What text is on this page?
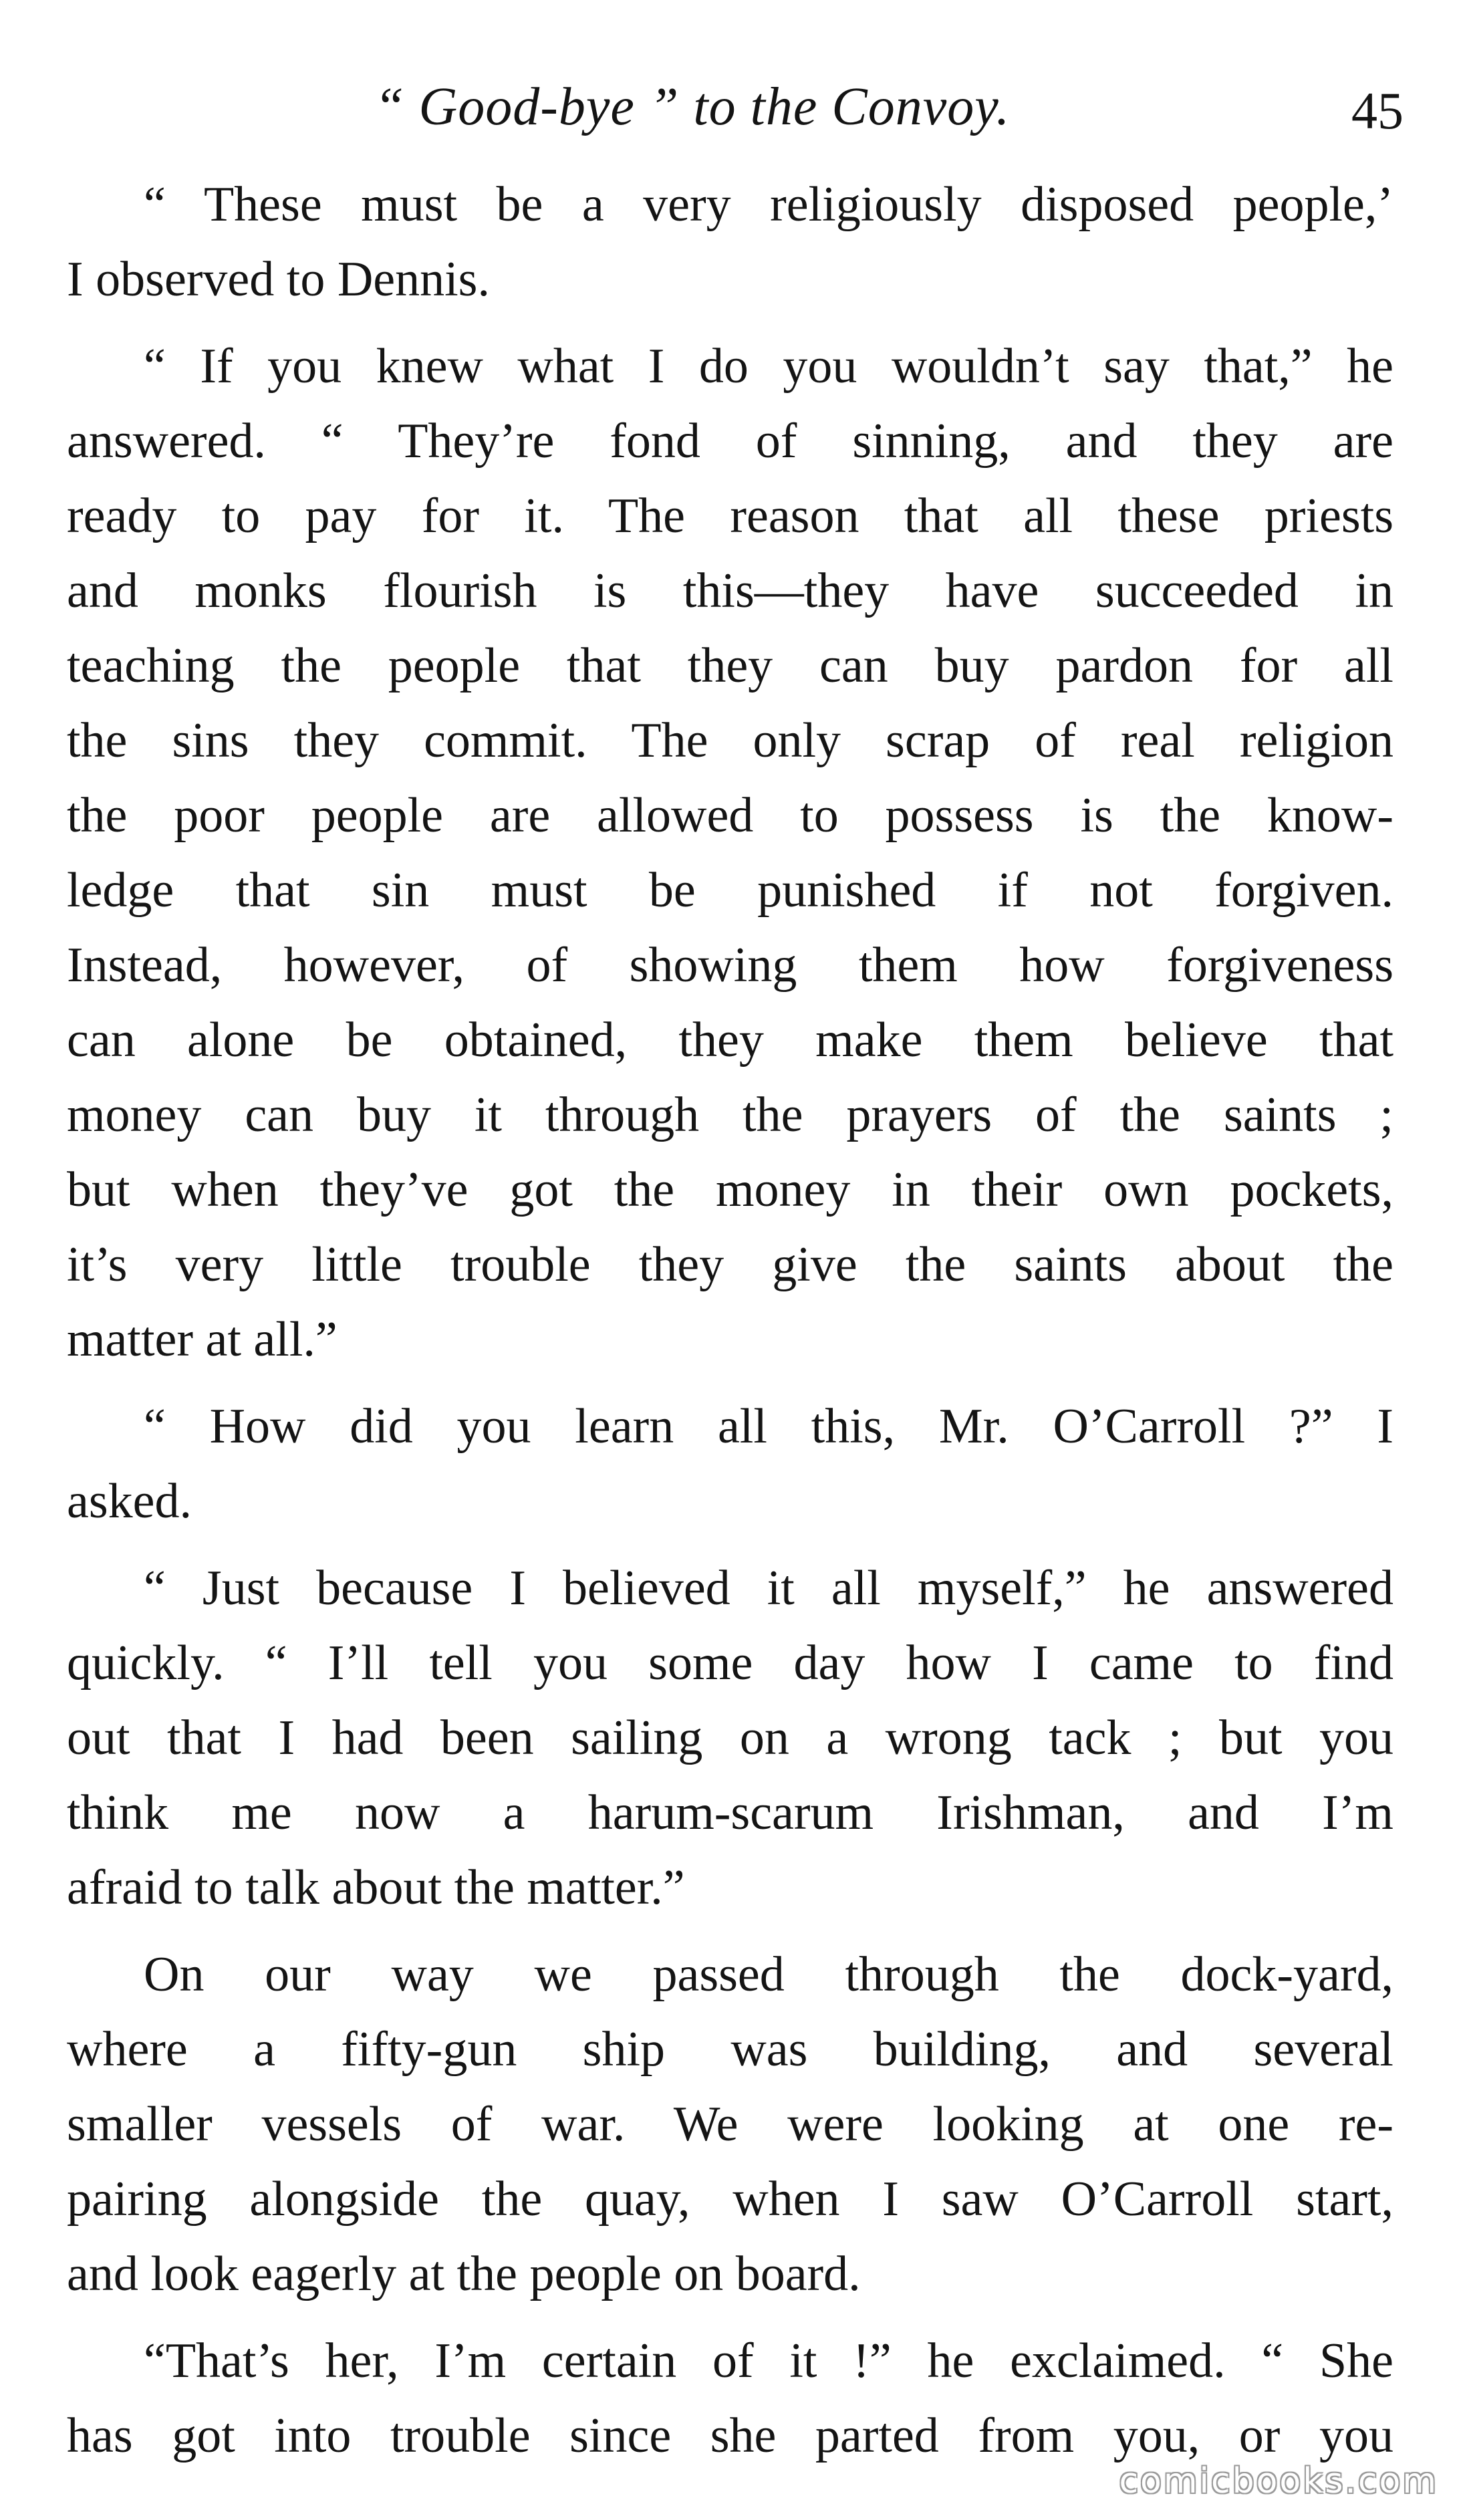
“ Good-bye ” to the Convoy.	45
“ These must be a very religiously disposed people,’
I observed to Dennis.
“ If you knew what I do you wouldn’t say that,” he
answered. “ They’re fond of sinning, and they are
ready to pay for it. The reason that all these priests
and monks flourish is this—they have succeeded in
teaching the people that they can buy pardon for all
the sins they commit. The only scrap of real religion
the poor people are allowed to possess is the know-
ledge that sin must be punished if not forgiven.
Instead, however, of showing them how forgiveness
can alone be obtained, they make them believe that
money can buy it through the prayers of the saints ;
but when they’ve got the money in their own pockets,
it’s very little trouble they give the saints about the
matter at all.”
“ How did you learn all this, Mr. O’Carroll ?” I
asked.
“ Just because I believed it all myself,” he answered
quickly. “ I’ll tell you some day how I came to find
out that I had been sailing on a wrong tack ; but you
think me now a harum-scarum Irishman, and I’m
afraid to talk about the matter.”
On our way we passed through the dock-yard,
where a fifty-gun ship was building, and several
smaller vessels of war. We were looking at one re-
pairing alongside the quay, when I saw O’Carroll start,
and look eagerly at the people on board.
“That’s her, I’m certain of it !” he exclaimed. “ She
has got into trouble since she parted from you, or you
comicbooks.com
